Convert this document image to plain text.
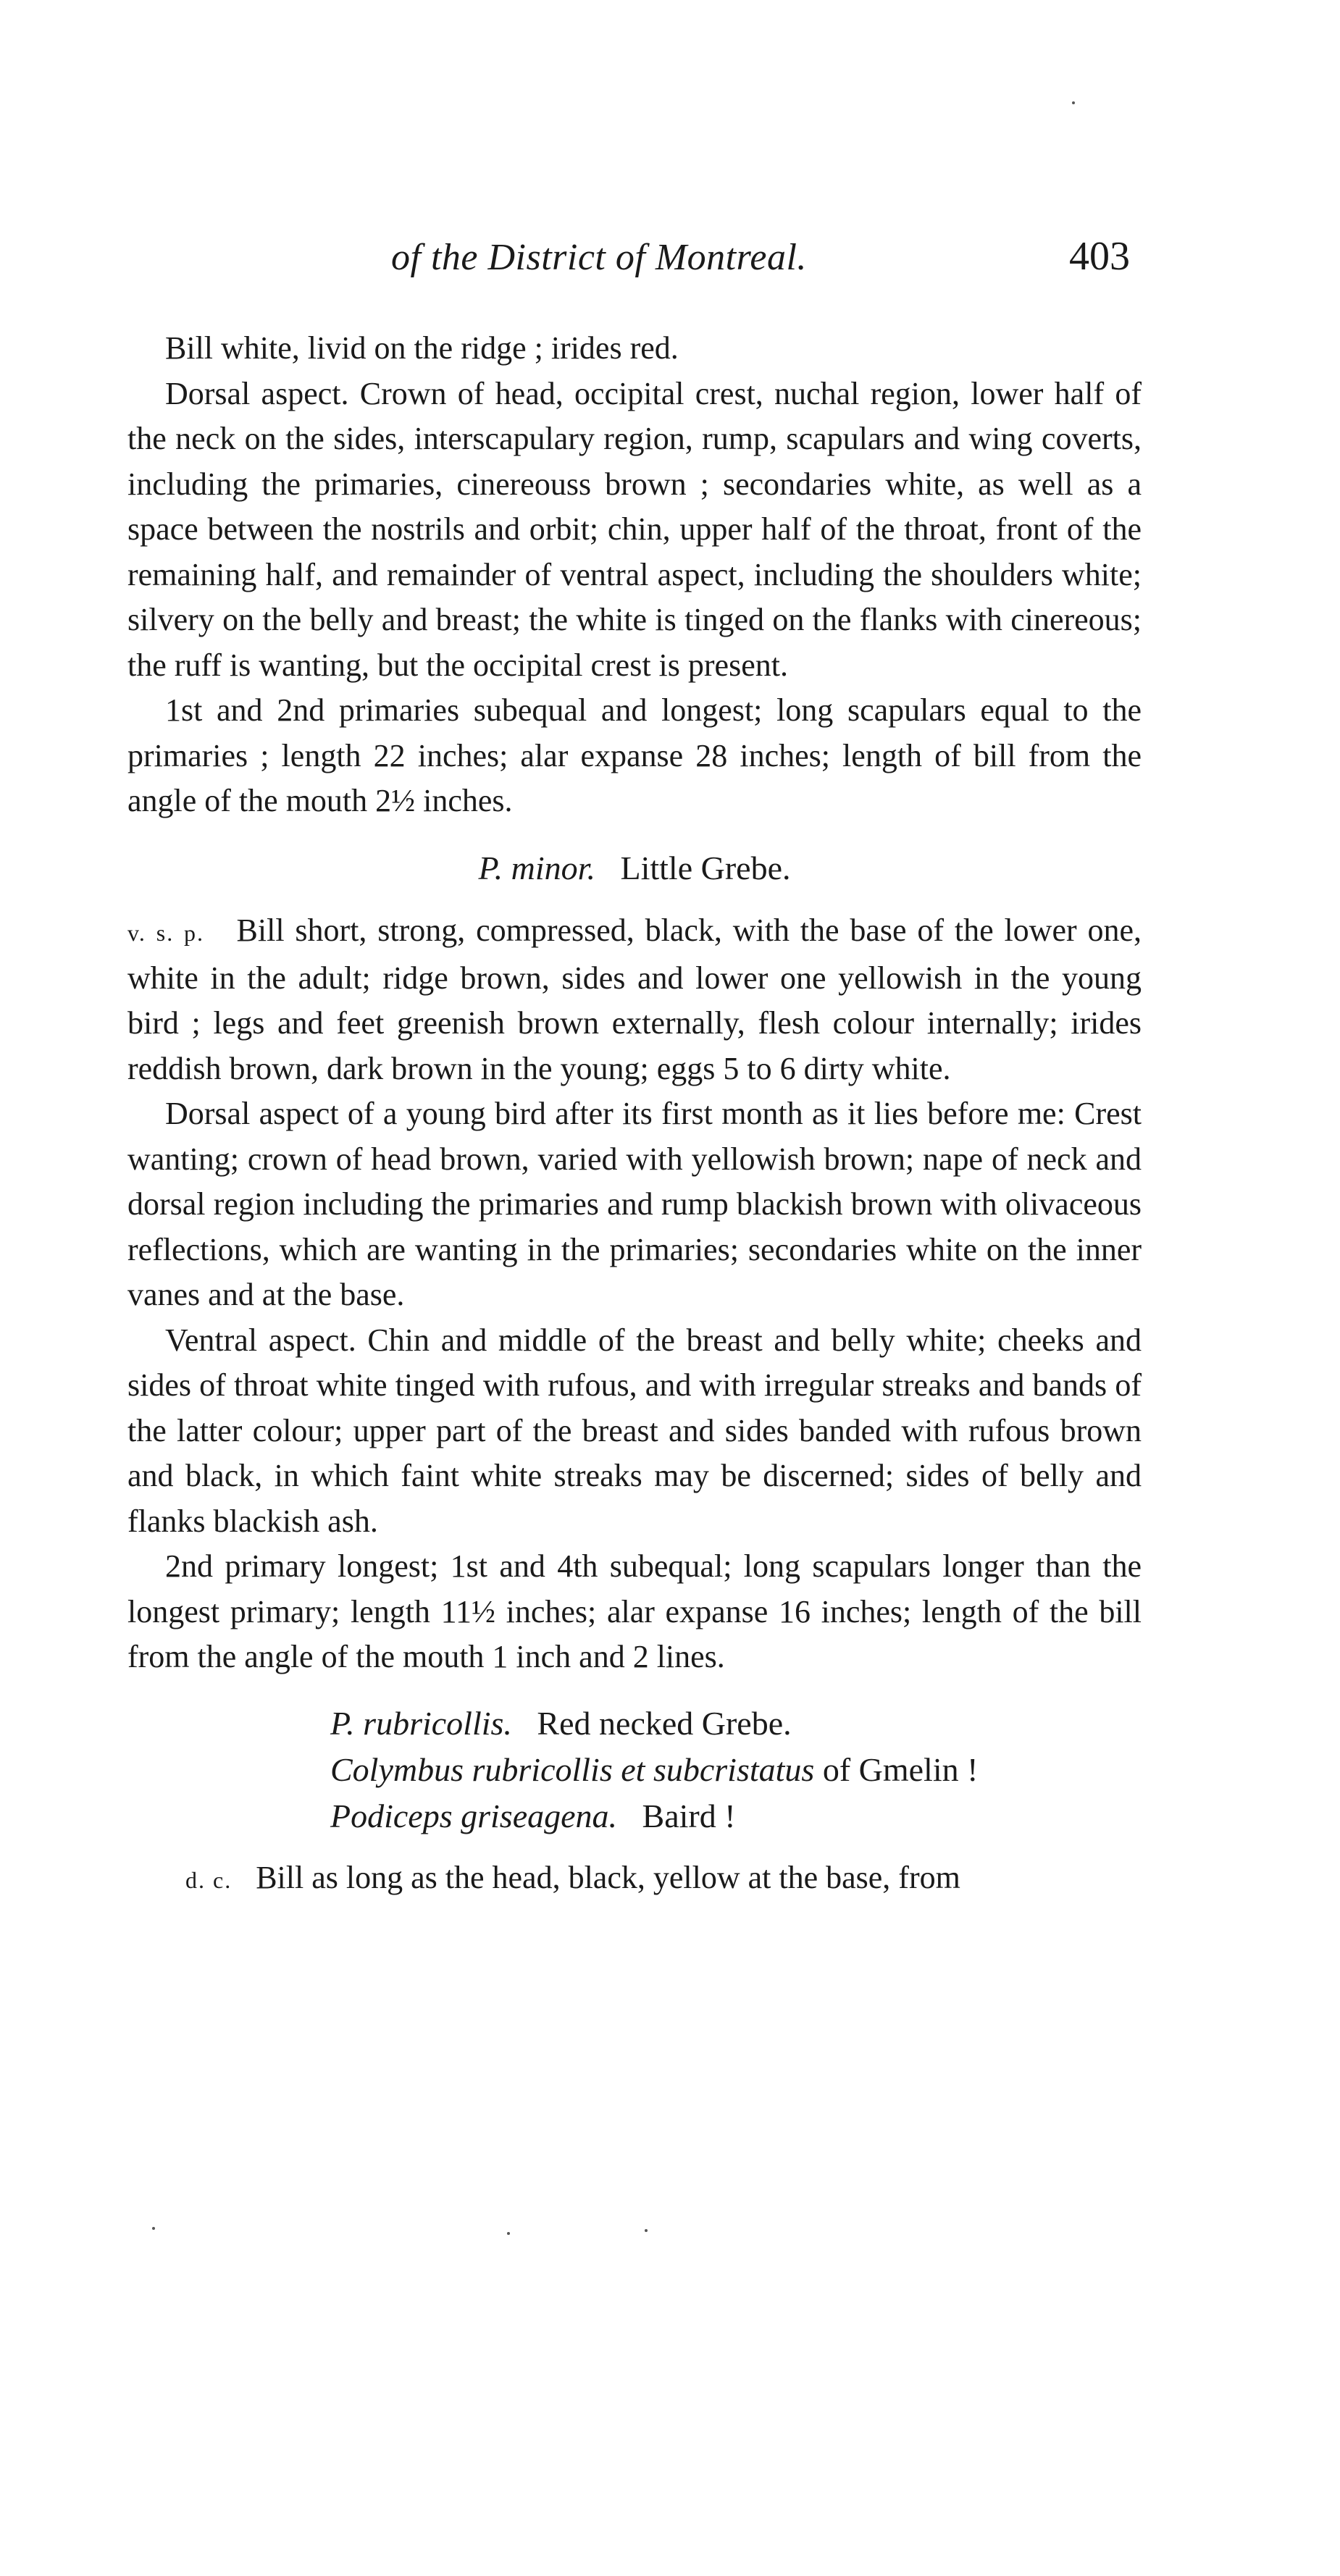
of the District of Montreal.	403

Bill white, livid on the ridge ; irides red.

Dorsal aspect. Crown of head, occipital crest, nuchal region, lower half of the neck on the sides, interscapulary region, rump, scapulars and wing coverts, including the primaries, cinereouss brown ; secondaries white, as well as a space between the nostrils and orbit; chin, upper half of the throat, front of the remaining half, and remainder of ventral aspect, including the shoulders white; silvery on the belly and breast; the white is tinged on the flanks with cinereous; the ruff is wanting, but the occipital crest is present.

1st and 2nd primaries subequal and longest; long scapulars equal to the primaries ; length 22 inches; alar expanse 28 inches; length of bill from the angle of the mouth 2½ inches.

P. minor. Little Grebe.

v. s. p. Bill short, strong, compressed, black, with the base of the lower one, white in the adult; ridge brown, sides and lower one yellowish in the young bird ; legs and feet greenish brown externally, flesh colour internally; irides reddish brown, dark brown in the young; eggs 5 to 6 dirty white.

Dorsal aspect of a young bird after its first month as it lies before me: Crest wanting; crown of head brown, varied with yellowish brown; nape of neck and dorsal region including the primaries and rump blackish brown with olivaceous reflections, which are wanting in the primaries; secondaries white on the inner vanes and at the base.

Ventral aspect. Chin and middle of the breast and belly white; cheeks and sides of throat white tinged with rufous, and with irregular streaks and bands of the latter colour; upper part of the breast and sides banded with rufous brown and black, in which faint white streaks may be discerned; sides of belly and flanks blackish ash.

2nd primary longest; 1st and 4th subequal; long scapulars longer than the longest primary; length 11½ inches; alar expanse 16 inches; length of the bill from the angle of the mouth 1 inch and 2 lines.

P. rubricollis. Red necked Grebe.
Colymbus rubricollis et subcristatus of Gmelin !
Podiceps griseagena. Baird !

d. c. Bill as long as the head, black, yellow at the base, from
